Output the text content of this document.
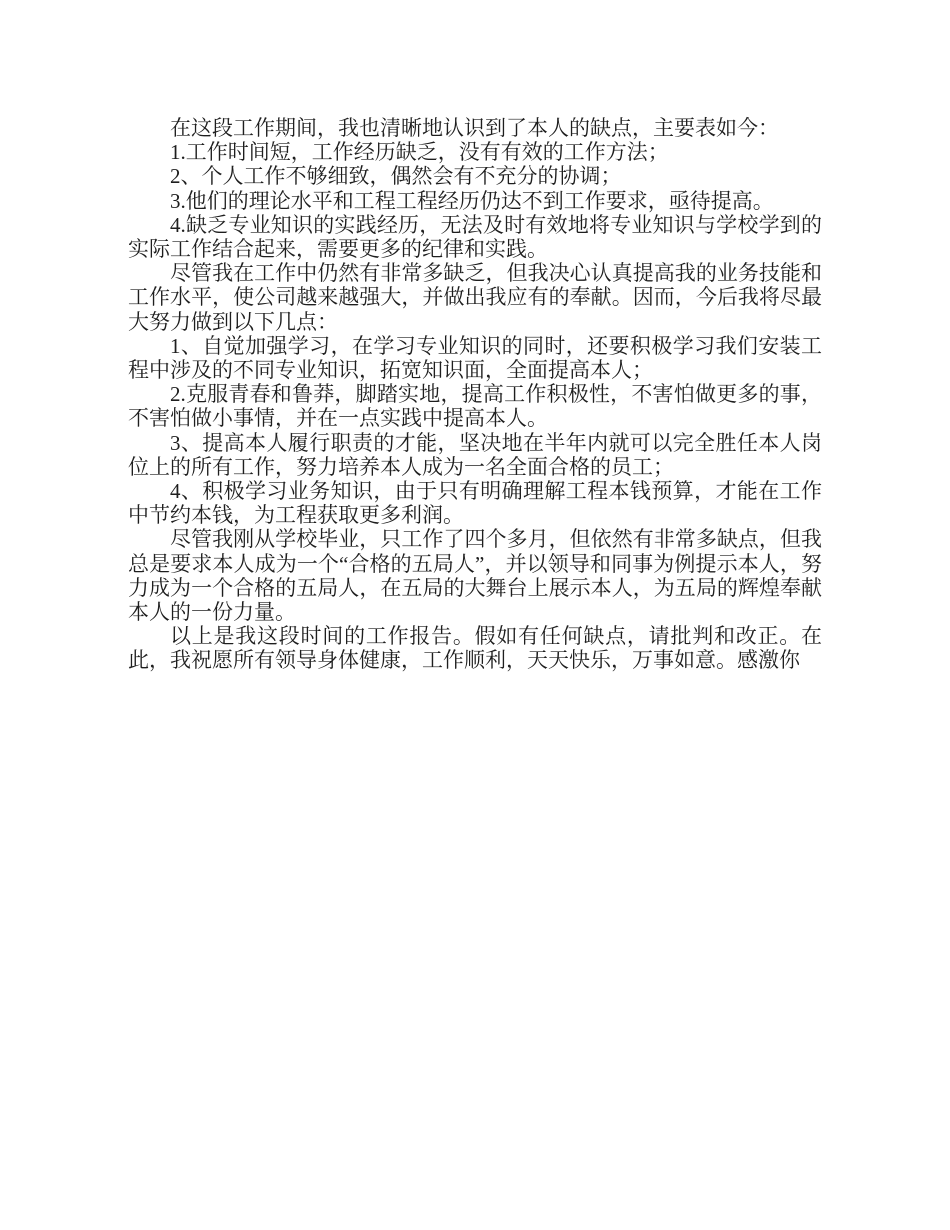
在这段工作期间，我也清晰地认识到了本人的缺点，主要表如今：

1.工作时间短，工作经历缺乏，没有有效的工作方法；

2、个人工作不够细致，偶然会有不充分的协调；

3.他们的理论水平和工程工程经历仍达不到工作要求，亟待提高。

4.缺乏专业知识的实践经历，无法及时有效地将专业知识与学校学到的实际工作结合起来，需要更多的纪律和实践。

尽管我在工作中仍然有非常多缺乏，但我决心认真提高我的业务技能和工作水平，使公司越来越强大，并做出我应有的奉献。因而，今后我将尽最大努力做到以下几点：

1、自觉加强学习，在学习专业知识的同时，还要积极学习我们安装工程中涉及的不同专业知识，拓宽知识面，全面提高本人；

2.克服青春和鲁莽，脚踏实地，提高工作积极性，不害怕做更多的事，不害怕做小事情，并在一点实践中提高本人。

3、提高本人履行职责的才能，坚决地在半年内就可以完全胜任本人岗位上的所有工作，努力培养本人成为一名全面合格的员工；

4、积极学习业务知识，由于只有明确理解工程本钱预算，才能在工作中节约本钱，为工程获取更多利润。

尽管我刚从学校毕业，只工作了四个多月，但依然有非常多缺点，但我总是要求本人成为一个“合格的五局人”，并以领导和同事为例提示本人，努力成为一个合格的五局人，在五局的大舞台上展示本人，为五局的辉煌奉献本人的一份力量。

以上是我这段时间的工作报告。假如有任何缺点，请批判和改正。在此，我祝愿所有领导身体健康，工作顺利，天天快乐，万事如意。感激你
